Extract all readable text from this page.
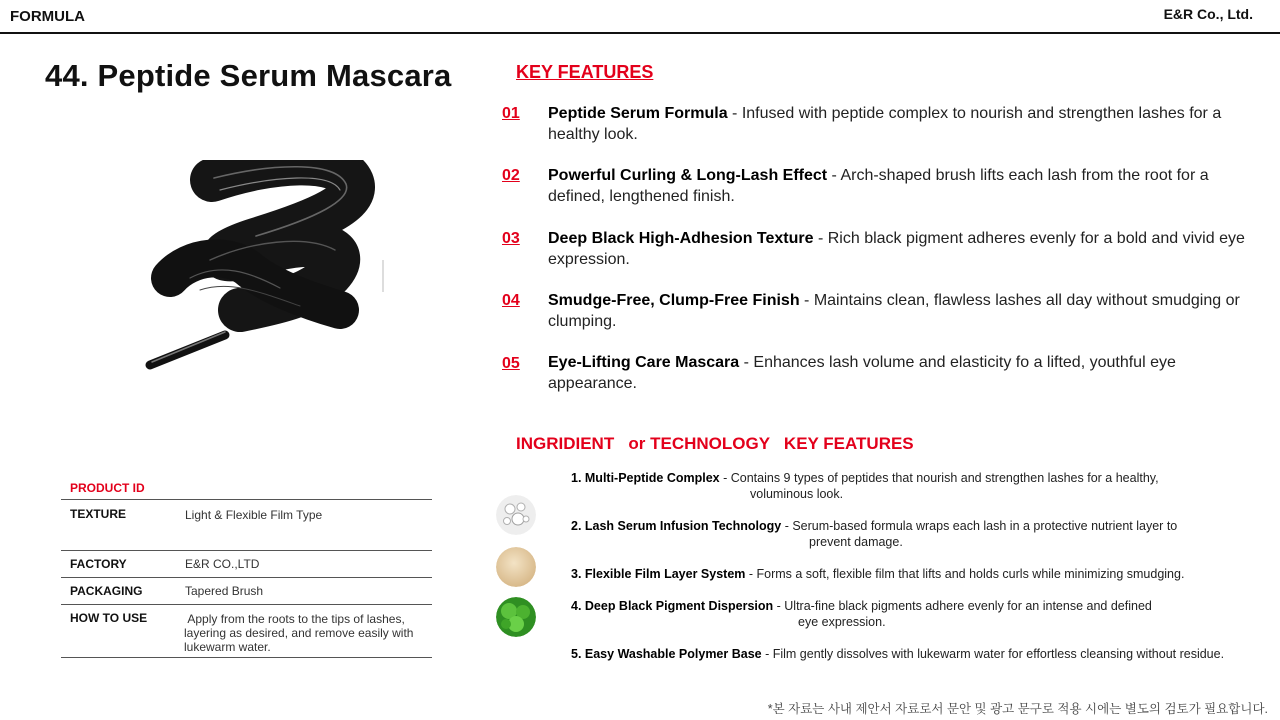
FORMULA	E&R Co., Ltd.
44. Peptide Serum Mascara	KEY FEATURES
01 Peptide Serum Formula - Infused with peptide complex to nourish and strengthen lashes for a healthy look.
02 Powerful Curling & Long-Lash Effect - Arch-shaped brush lifts each lash from the root for a defined, lengthened finish.
03 Deep Black High-Adhesion Texture - Rich black pigment adheres evenly for a bold and vivid eye expression.
04 Smudge-Free, Clump-Free Finish - Maintains clean, flawless lashes all day without smudging or clumping.
05 Eye-Lifting Care Mascara - Enhances lash volume and elasticity fo a lifted, youthful eye appearance.
INGRIDIENT   or TECHNOLOGY   KEY FEATURES
1. Multi-Peptide Complex - Contains 9 types of peptides that nourish and strengthen lashes for a healthy,
voluminous look.
2. Lash Serum Infusion Technology - Serum-based formula wraps each lash in a protective nutrient layer to
prevent damage.
3. Flexible Film Layer System - Forms a soft, flexible film that lifts and holds curls while minimizing smudging.
4. Deep Black Pigment Dispersion - Ultra-fine black pigments adhere evenly for an intense and defined
eye expression.
5. Easy Washable Polymer Base - Film gently dissolves with lukewarm water for effortless cleansing without residue.
PRODUCT ID	
TEXTURE	Light & Flexible Film Type
FACTORY	E&R CO.,LTD
PACKAGING	Tapered Brush
HOW TO USE	Apply from the roots to the tips of lashes, layering as desired, and remove easily with lukewarm water.
*본 자료는 사내 제안서 자료로서 문안 및 광고 문구로 적용 시에는 별도의 검토가 필요합니다.
